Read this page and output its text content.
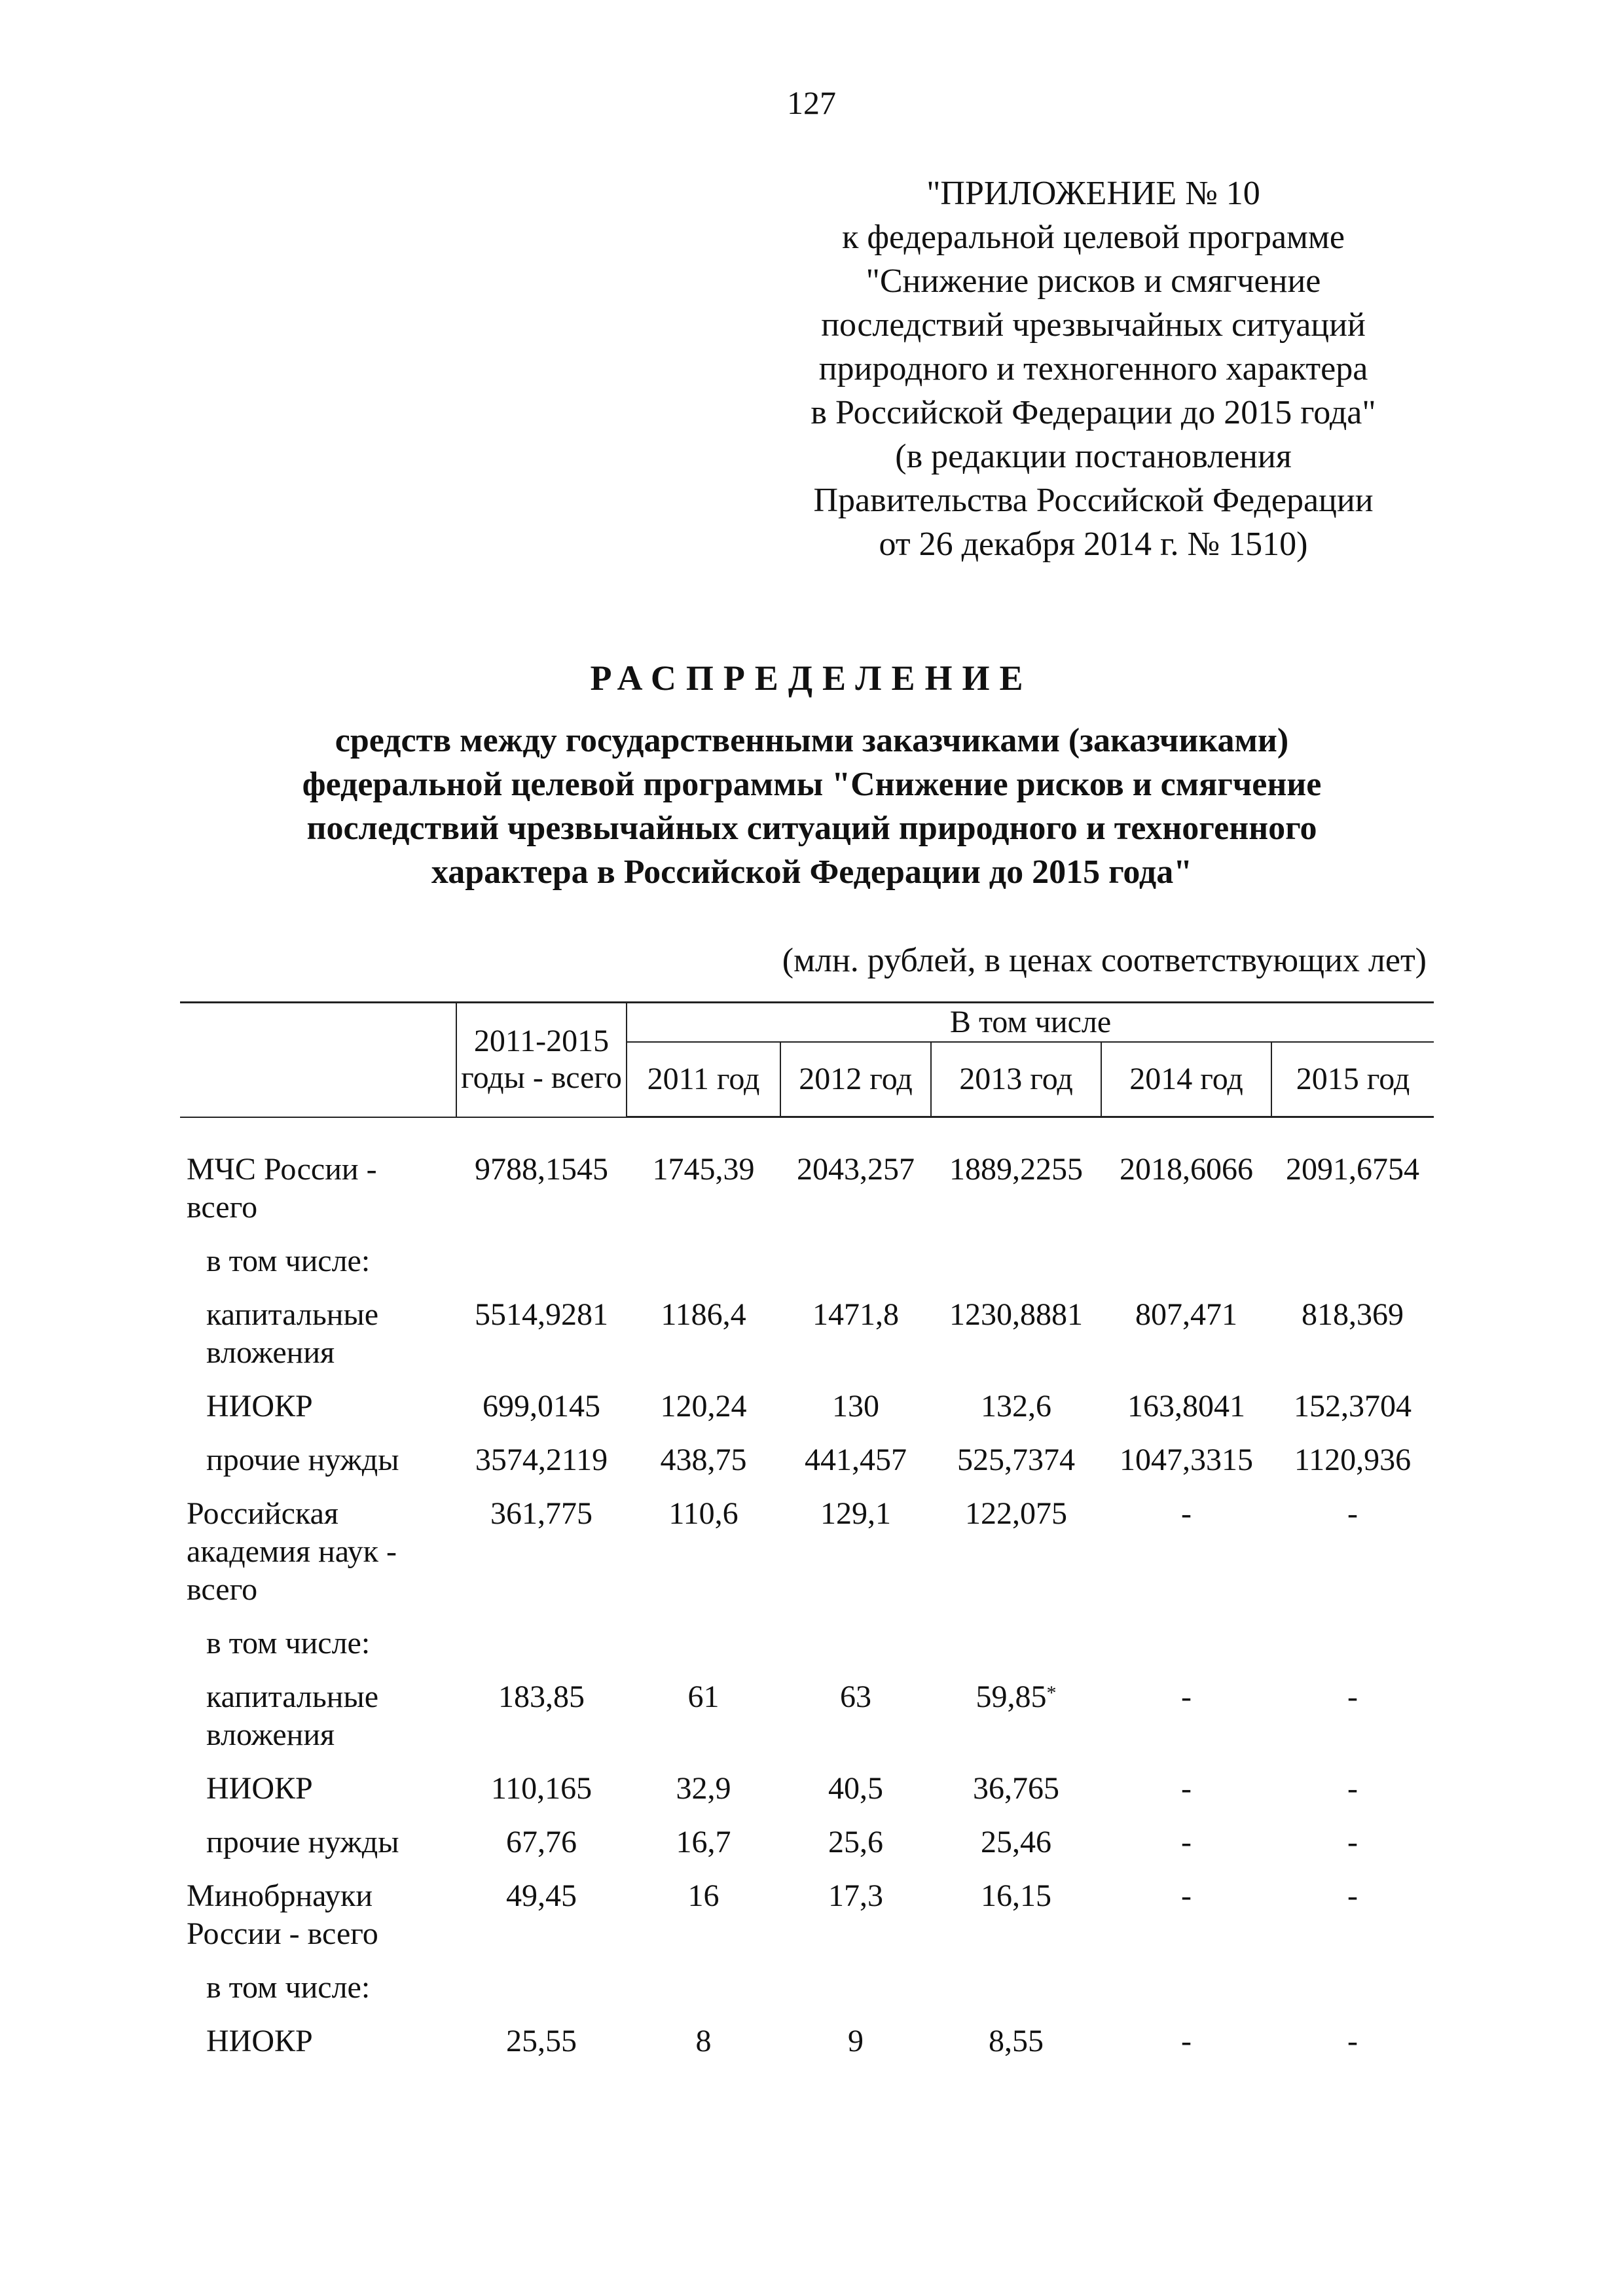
127
"ПРИЛОЖЕНИЕ № 10
к федеральной целевой программе
"Снижение рисков и смягчение
последствий чрезвычайных ситуаций
природного и техногенного характера
в Российской Федерации до 2015 года"
(в редакции постановления
Правительства Российской Федерации
от 26 декабря 2014 г. № 1510)
РАСПРЕДЕЛЕНИЕ
средств между государственными заказчиками (заказчиками)
федеральной целевой программы "Снижение рисков и смягчение
последствий чрезвычайных ситуаций природного и техногенного
характера в Российской Федерации до 2015 года"
(млн. рублей, в ценах соответствующих лет)
	2011-2015 годы - всего	В том числе				
		2011 год	2012 год	2013 год	2014 год	2015 год

МЧС России - всего	9788,1545	1745,39	2043,257	1889,2255	2018,6066	2091,6754
в том числе:						
капитальные вложения	5514,9281	1186,4	1471,8	1230,8881	807,471	818,369
НИОКР	699,0145	120,24	130	132,6	163,8041	152,3704
прочие нужды	3574,2119	438,75	441,457	525,7374	1047,3315	1120,936
Российская академия наук - всего	361,775	110,6	129,1	122,075	-	-
в том числе:						
капитальные вложения	183,85	61	63	59,85*	-	-
НИОКР	110,165	32,9	40,5	36,765	-	-
прочие нужды	67,76	16,7	25,6	25,46	-	-
Минобрнауки России - всего	49,45	16	17,3	16,15	-	-
в том числе:						
НИОКР	25,55	8	9	8,55	-	-
